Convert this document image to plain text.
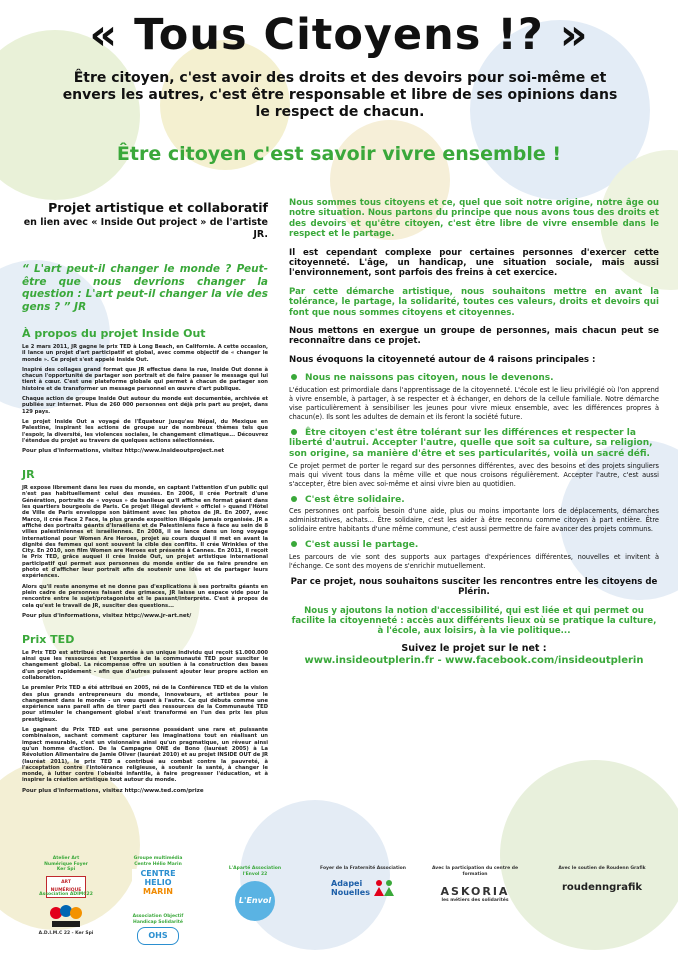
« Tous Citoyens !? »

Être citoyen, c'est avoir des droits et des devoirs pour soi-même et envers les autres, c'est être responsable et libre de ses opinions dans le respect de chacun.

Être citoyen c'est savoir vivre ensemble !

Projet artistique et collaboratif

en lien avec « Inside Out project » de l'artiste JR.

“ L'art peut-il changer le monde ? Peut-être que nous devrions changer la question : L'art peut-il changer la vie des gens ? ” JR

À propos du projet Inside Out

Le 2 mars 2011, JR gagne le prix TED à Long Beach, en Californie. A cette occasion, il lance un projet d'art participatif et global, avec comme objectif de « changer le monde ». Ce projet s'est appelé Inside Out.

Inspiré des collages grand format que JR effectue dans la rue, Inside Out donne à chacun l'opportunité de partager son portrait et de faire passer le message qui lui tient à cœur. C'est une plateforme globale qui permet à chacun de partager son histoire et de transformer un message personnel en œuvre d'art publique.

Chaque action de groupe Inside Out autour du monde est documentée, archivée et publiée sur internet. Plus de 260 000 personnes ont déjà pris part au projet, dans 129 pays.

Le projet Inside Out a voyagé de l'Équateur jusqu'au Népal, du Mexique en Palestine, inspirant les actions de groupe sur de nombreux thèmes tels que l'espoir, la diversité, les violences sociales, le changement climatique... Découvrez l'étendue du projet au travers de quelques actions sélectionnées.

Pour plus d'informations, visitez http://www.insideoutproject.net

JR

JR expose librement dans les rues du monde, en captant l'attention d'un public qui n'est pas habituellement celui des musées. En 2006, il crée Portrait d'une Génération, portraits de « voyous » de banlieue qu'il affiche en format géant dans les quartiers bourgeois de Paris. Ce projet illégal devient « officiel » quand l'Hôtel de Ville de Paris enveloppe son bâtiment avec les photos de JR. En 2007, avec Marco, il crée Face 2 Face, la plus grande exposition illégale jamais organisée. JR a affiché des portraits géants d'Israéliens et de Palestiniens face à face au sein de 8 villes palestiniennes et israéliennes. En 2008, il se lance dans un long voyage international pour Women Are Heroes, projet au cours duquel il met en avant la dignité des femmes qui sont souvent la cible des conflits. Il crée Wrinkles of the City. En 2010, son film Women are Heroes est présenté à Cannes. En 2011, il reçoit le Prix TED, grâce auquel il crée Inside Out, un projet artistique international participatif qui permet aux personnes du monde entier de se faire prendre en photo et d'afficher leur portrait afin de soutenir une idée et de partager leurs expériences.

Alors qu'il reste anonyme et ne donne pas d'explications à ses portraits géants en plein cadre de personnes faisant des grimaces, JR laisse un espace vide pour la rencontre entre le sujet/protagoniste et le passant/interprète. C'est à propos de cela qu'est le travail de JR, susciter des questions...

Pour plus d'informations, visitez http://www.jr-art.net/

Prix TED

Le Prix TED est attribué chaque année à un unique individu qui reçoit $1.000.000 ainsi que les ressources et l'expertise de la communauté TED pour susciter le changement global. La récompense offre un soutien à la construction des bases d'un projet rapidement - afin que d'autres puissent ajouter leur propre action en collaboration.

Le premier Prix TED a été attribué en 2005, né de la Conférence TED et de la vision des plus grands entrepreneurs du monde, innovateurs, et artistes pour le changement dans le monde - un vœu quant à l'autre. Ce qui débuta comme une expérience sans pareil afin de tirer parti des ressources de la Communauté TED pour stimuler le changement global s'est transformé en l'un des prix les plus prestigieux.

Le gagnant du Prix TED est une personne possédant une rare et puissante combinaison, sachant comment capturer les imaginations tout en réalisant un impact mesurable, c'est un visionnaire ainsi qu'un pragmatique, un rêveur ainsi qu'un homme d'action. De la Campagne ONE de Bono (lauréat 2005) à La Révolution Alimentaire de Jamie Oliver (lauréat 2010) et au projet INSIDE OUT de JR (lauréat 2011), le prix TED a contribué au combat contre la pauvreté, à l'acceptation contre l'intolérance religieuse, à soutenir la santé, à changer le monde, à lutter contre l'obésité infantile, à faire progresser l'éducation, et à inspirer la création artistique tout autour du monde.

Pour plus d'informations, visitez http://www.ted.com/prize

Nous sommes tous citoyens et ce, quel que soit notre origine, notre âge ou notre situation. Nous partons du principe que nous avons tous des droits et des devoirs et qu'être citoyen, c'est être libre de vivre ensemble dans le respect et le partage.

Il est cependant complexe pour certaines personnes d'exercer cette citoyenneté. L'âge, un handicap, une situation sociale, mais aussi l'environnement, sont parfois des freins à cet exercice.

Par cette démarche artistique, nous souhaitons mettre en avant la tolérance, le partage, la solidarité, toutes ces valeurs, droits et devoirs qui font que nous sommes citoyens et citoyennes.

Nous mettons en exergue un groupe de personnes, mais chacun peut se reconnaître dans ce projet.

Nous évoquons la citoyenneté autour de 4 raisons principales :

Nous ne naissons pas citoyen, nous le devenons.

L'éducation est primordiale dans l'apprentissage de la citoyenneté. L'école est le lieu privilégié où l'on apprend à vivre ensemble, à partager, à se respecter et à échanger, en dehors de la cellule familiale. Notre démarche vise particulièrement à sensibiliser les jeunes pour vivre mieux ensemble, avec les différences propres à chacun(e). Ils sont les adultes de demain et ils feront la société future.

Être citoyen c'est être tolérant sur les différences et respecter la liberté d'autrui. Accepter l'autre, quelle que soit sa culture, sa religion, son origine, sa manière d'être et ses particularités, voilà un sacré défi.

Ce projet permet de porter le regard sur des personnes différentes, avec des besoins et des projets singuliers mais qui vivent tous dans la même ville et que nous croisons régulièrement. Accepter l'autre, c'est aussi s'accepter, être bien avec soi-même et ainsi vivre bien au quotidien.

C'est être solidaire.

Ces personnes ont parfois besoin d'une aide, plus ou moins importante lors de déplacements, démarches administratives, achats... Être solidaire, c'est les aider à être reconnu comme citoyen à part entière. Être solidaire entre habitants d'une même commune, c'est aussi permettre de faire avancer des projets communs.

C'est aussi le partage.

Les parcours de vie sont des supports aux partages d'expériences différentes, nouvelles et invitent à l'échange. Ce sont des moyens de s'enrichir mutuellement.

Par ce projet, nous souhaitons susciter les rencontres entre les citoyens de Plérin.

Nous y ajoutons la notion d'accessibilité, qui est liée et qui permet ou facilite la citoyenneté : accès aux différents lieux où se pratique la culture, à l'école, aux loisirs, à la vie politique...

Suivez le projet sur le net :

www.insideoutplerin.fr - www.facebook.com/insideoutplerin

Atelier Art Numérique Foyer Ker Spi
ART NUMÉRIQUE
Association ADIMC22
A.D.I.M.C 22 - Ker Spi
Groupe multimédia Centre Hélio Marin
CENTRE
HELIO
MARIN
Association Objectif Handicap Solidarité
OHS
L'Aparté Association l'Envol 22
L'Envol
Foyer de la Fraternité Association
Adapei
Nouelles
Avec la participation du centre de formation
ASKORIA
les métiers des solidarités
Avec le soutien de Roudenn Grafik
roudenngrafik
